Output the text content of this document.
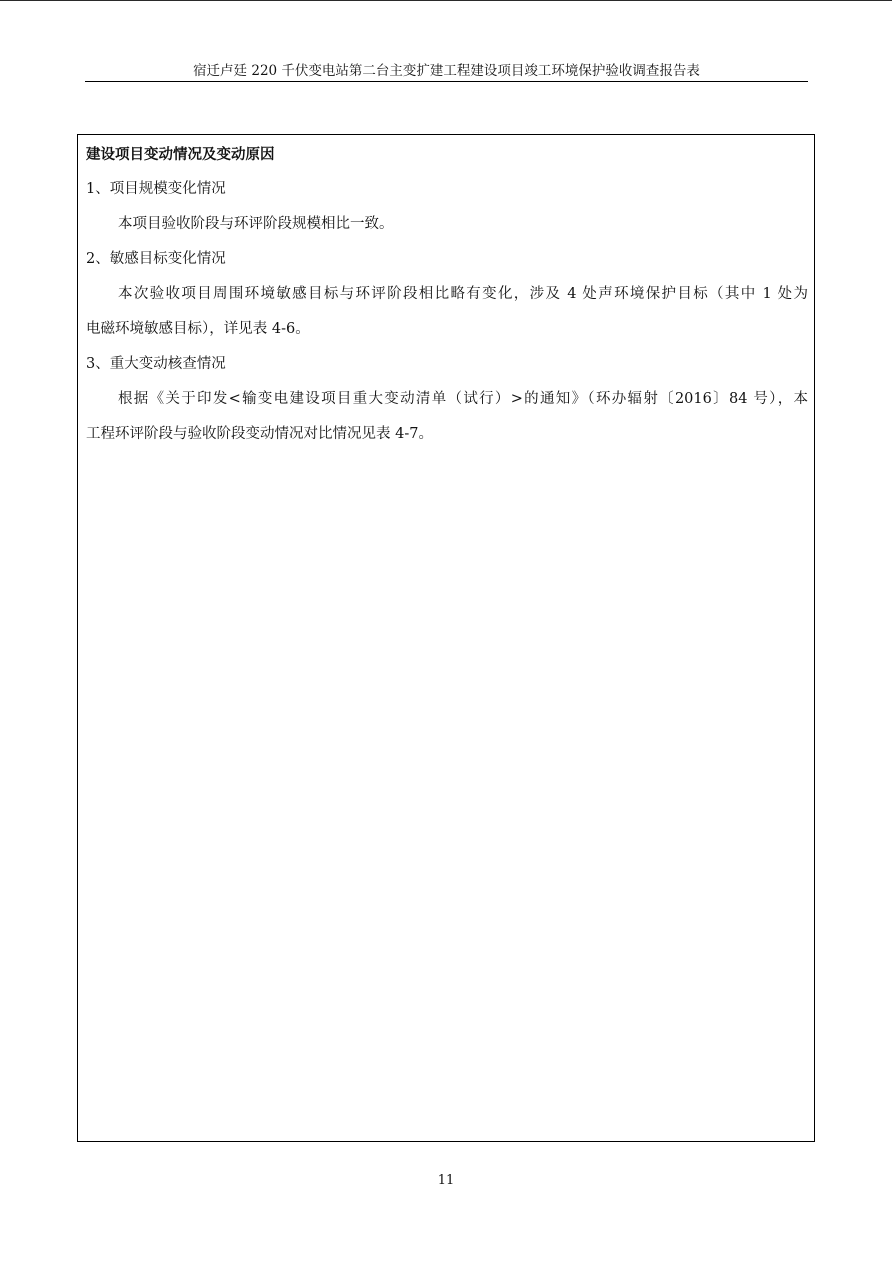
宿迁卢廷 220 千伏变电站第二台主变扩建工程建设项目竣工环境保护验收调查报告表
建设项目变动情况及变动原因
1、项目规模变化情况
本项目验收阶段与环评阶段规模相比一致。
2、敏感目标变化情况
本次验收项目周围环境敏感目标与环评阶段相比略有变化，涉及 4 处声环境保护目标（其中 1 处为
电磁环境敏感目标），详见表 4-6。
3、重大变动核查情况
根据《关于印发<输变电建设项目重大变动清单（试行）>的通知》（环办辐射〔2016〕84 号），本
工程环评阶段与验收阶段变动情况对比情况见表 4-7。
11
